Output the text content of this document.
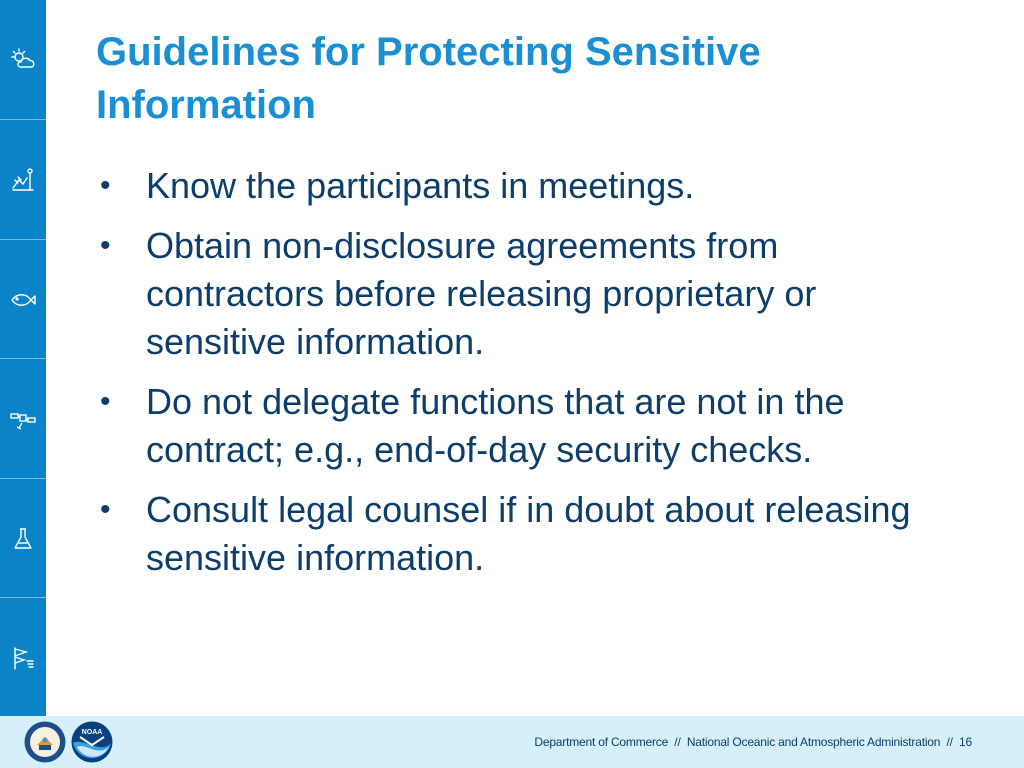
Guidelines for Protecting Sensitive Information
• Know the participants in meetings.
• Obtain non-disclosure agreements from contractors before releasing proprietary or sensitive information.
• Do not delegate functions that are not in the contract; e.g., end-of-day security checks.
• Consult legal counsel if in doubt about releasing sensitive information.
NOAA
Department of Commerce  //  National Oceanic and Atmospheric Administration  //  16
